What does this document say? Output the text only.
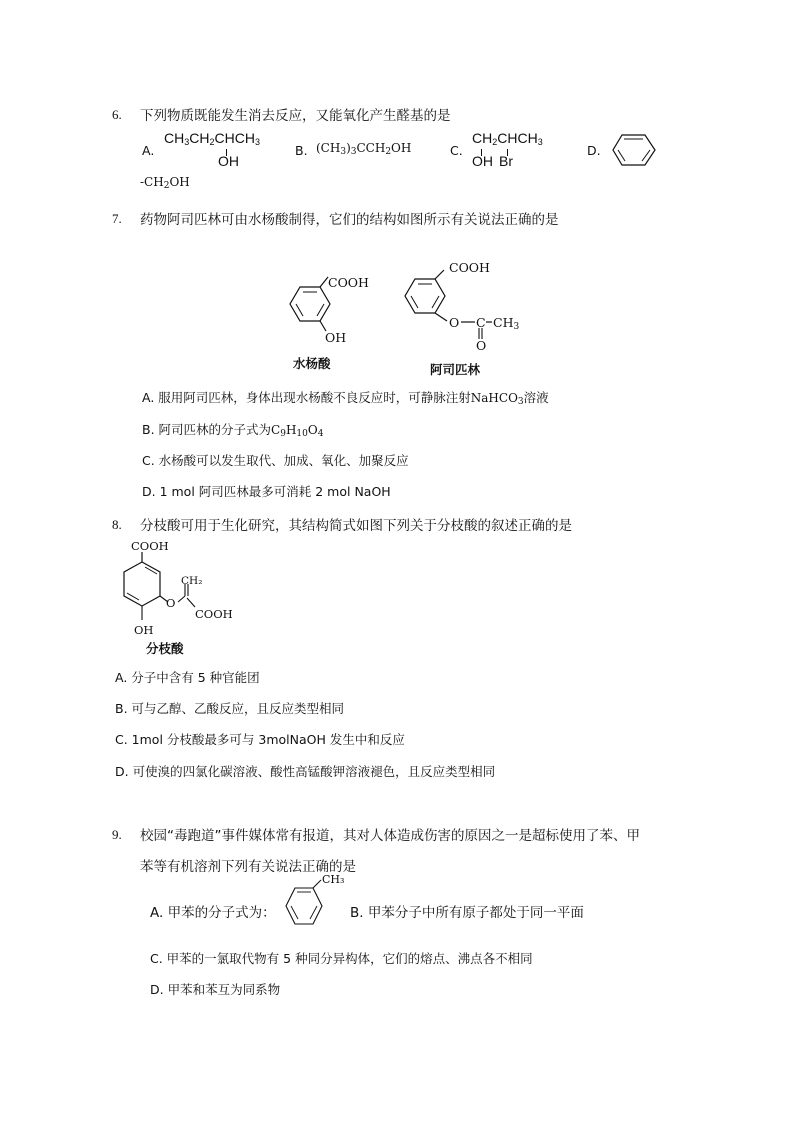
6. 下列物质既能发生消去反应，又能氧化产生醛基的是
A.
$CH_3CH_2CHCH_3$
OH
B. $(CH_3)_3CCH_2OH$	C.
$CH_2CHCH_3$
OH Br
D.
$-CH_2OH$
7. 药物阿司匹林可由水杨酸制得，它们的结构如图所示有关说法正确的是
COOH
OH
水杨酸
COOH
O C $CH_3$
O
阿司匹林
A. 服用阿司匹林，身体出现水杨酸不良反应时，可静脉注射NaHCO$_3$溶液
B. 阿司匹林的分子式为$C_9H_{10}O_4$
C. 水杨酸可以发生取代、加成、氧化、加聚反应
D. 1 mol 阿司匹林最多可消耗 2 mol NaOH
8. 分枝酸可用于生化研究，其结构简式如图下列关于分枝酸的叙述正确的是
COOH
CH₂
O
COOH
OH
分枝酸
A. 分子中含有 5 种官能团
B. 可与乙醇、乙酸反应，且反应类型相同
C. 1mol 分枝酸最多可与 3molNaOH 发生中和反应
D. 可使溴的四氯化碳溶液、酸性高锰酸钾溶液褪色，且反应类型相同
9. 校园“毒跑道”事件媒体常有报道，其对人体造成伤害的原因之一是超标使用了苯、甲
苯等有机溶剂下列有关说法正确的是
A. 甲苯的分子式为：
CH₃
B. 甲苯分子中所有原子都处于同一平面
C. 甲苯的一氯取代物有 5 种同分异构体，它们的熔点、沸点各不相同
D. 甲苯和苯互为同系物
